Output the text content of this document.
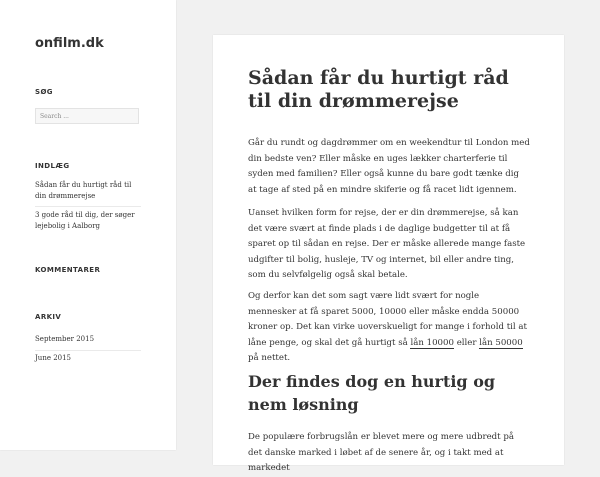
onfilm.dk
SØG
Search ...
INDLÆG
Sådan får du hurtigt råd til din drømmerejse
3 gode råd til dig, der søger lejebolig i Aalborg
KOMMENTARER
ARKIV
September 2015
June 2015
Sådan får du hurtigt råd til din drømmerejse

Går du rundt og dagdrømmer om en weekendtur til London med din bedste ven? Eller måske en uges lækker charterferie til syden med familien? Eller også kunne du bare godt tænke dig at tage af sted på en mindre skiferie og få racet lidt igennem.

Uanset hvilken form for rejse, der er din drømmerejse, så kan det være svært at finde plads i de daglige budgetter til at få sparet op til sådan en rejse. Der er måske allerede mange faste udgifter til bolig, husleje, TV og internet, bil eller andre ting, som du selvfølgelig også skal betale.

Og derfor kan det som sagt være lidt svært for nogle mennesker at få sparet 5000, 10000 eller måske endda 50000 kroner op. Det kan virke uoverskueligt for mange i forhold til at låne penge, og skal det gå hurtigt så lån 10000 eller lån 50000 på nettet.

Der findes dog en hurtig og nem løsning

De populære forbrugslån er blevet mere og mere udbredt på det danske marked i løbet af de senere år, og i takt med at markedet
